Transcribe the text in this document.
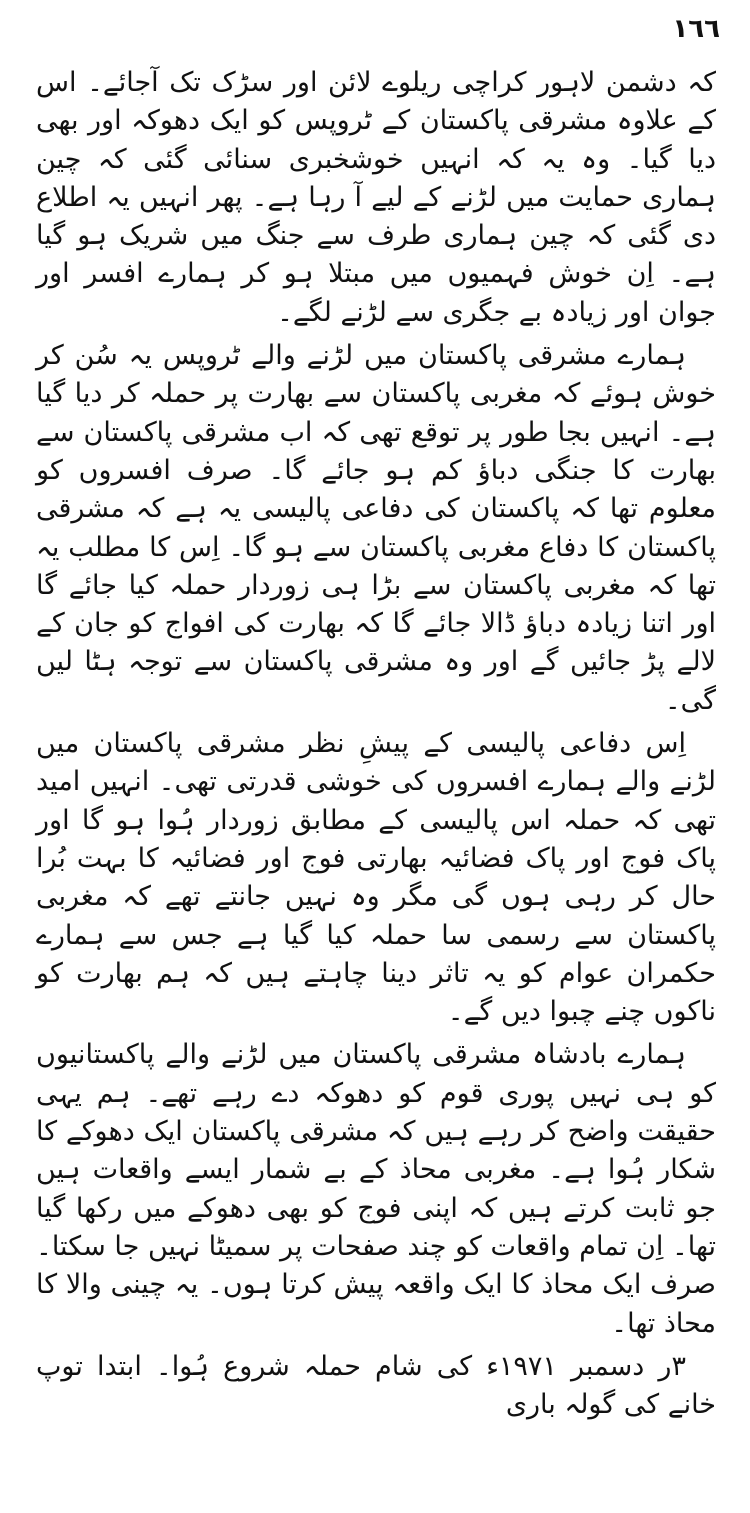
١٦٦

کہ دشمن لاہور کراچی ریلوے لائن اور سڑک تک آجائے۔ اس کے علاوہ مشرقی پاکستان کے ٹروپس کو ایک دھوکہ اور بھی دیا گیا۔ وہ یہ کہ انہیں خوشخبری سنائی گئی کہ چین ہماری حمایت میں لڑنے کے لیے آ رہا ہے۔ پھر انہیں یہ اطلاع دی گئی کہ چین ہماری طرف سے جنگ میں شریک ہو گیا ہے۔ اِن خوش فہمیوں میں مبتلا ہو کر ہمارے افسر اور جوان اور زیادہ بے جگری سے لڑنے لگے۔

ہمارے مشرقی پاکستان میں لڑنے والے ٹروپس یہ سُن کر خوش ہوئے کہ مغربی پاکستان سے بھارت پر حملہ کر دیا گیا ہے۔ انہیں بجا طور پر توقع تھی کہ اب مشرقی پاکستان سے بھارت کا جنگی دباؤ کم ہو جائے گا۔ صرف افسروں کو معلوم تھا کہ پاکستان کی دفاعی پالیسی یہ ہے کہ مشرقی پاکستان کا دفاع مغربی پاکستان سے ہو گا۔ اِس کا مطلب یہ تھا کہ مغربی پاکستان سے بڑا ہی زوردار حملہ کیا جائے گا اور اتنا زیادہ دباؤ ڈالا جائے گا کہ بھارت کی افواج کو جان کے لالے پڑ جائیں گے اور وہ مشرقی پاکستان سے توجہ ہٹا لیں گی۔

اِس دفاعی پالیسی کے پیشِ نظر مشرقی پاکستان میں لڑنے والے ہمارے افسروں کی خوشی قدرتی تھی۔ انہیں امید تھی کہ حملہ اس پالیسی کے مطابق زوردار ہُوا ہو گا اور پاک فوج اور پاک فضائیہ بھارتی فوج اور فضائیہ کا بہت بُرا حال کر رہی ہوں گی مگر وہ نہیں جانتے تھے کہ مغربی پاکستان سے رسمی سا حملہ کیا گیا ہے جس سے ہمارے حکمران عوام کو یہ تاثر دینا چاہتے ہیں کہ ہم بھارت کو ناکوں چنے چبوا دیں گے۔

ہمارے بادشاہ مشرقی پاکستان میں لڑنے والے پاکستانیوں کو ہی نہیں پوری قوم کو دھوکہ دے رہے تھے۔ ہم یہی حقیقت واضح کر رہے ہیں کہ مشرقی پاکستان ایک دھوکے کا شکار ہُوا ہے۔ مغربی محاذ کے بے شمار ایسے واقعات ہیں جو ثابت کرتے ہیں کہ اپنی فوج کو بھی دھوکے میں رکھا گیا تھا۔ اِن تمام واقعات کو چند صفحات پر سمیٹا نہیں جا سکتا۔ صرف ایک محاذ کا ایک واقعہ پیش کرتا ہوں۔ یہ چینی والا کا محاذ تھا۔

۳ر دسمبر ۱۹۷۱ء کی شام حملہ شروع ہُوا۔ ابتدا توپ خانے کی گولہ باری
